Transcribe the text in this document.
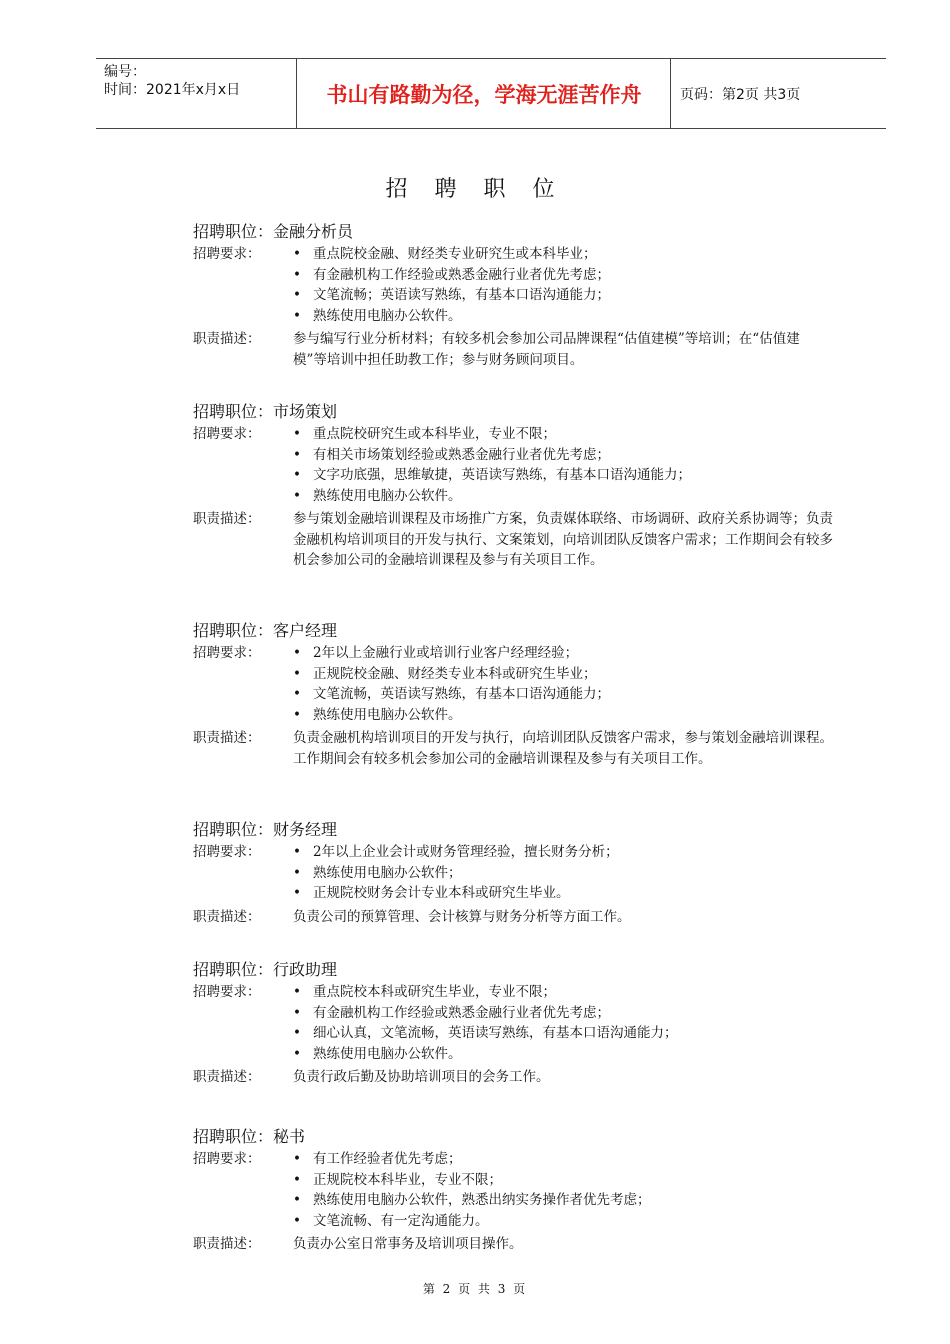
编号：
时间：2021年x月x日	书山有路勤为径，学海无涯苦作舟	页码：第2页 共3页
招 聘 职 位
招聘职位：金融分析员
招聘要求：	• 重点院校金融、财经类专业研究生或本科毕业；
• 有金融机构工作经验或熟悉金融行业者优先考虑；
• 文笔流畅；英语读写熟练，有基本口语沟通能力；
• 熟练使用电脑办公软件。
职责描述：	参与编写行业分析材料；有较多机会参加公司品牌课程“估值建模”等培训；在“估值建模”等培训中担任助教工作；参与财务顾问项目。
招聘职位：市场策划
招聘要求：	• 重点院校研究生或本科毕业，专业不限；
• 有相关市场策划经验或熟悉金融行业者优先考虑；
• 文字功底强，思维敏捷，英语读写熟练，有基本口语沟通能力；
• 熟练使用电脑办公软件。
职责描述：	参与策划金融培训课程及市场推广方案，负责媒体联络、市场调研、政府关系协调等；负责金融机构培训项目的开发与执行、文案策划，向培训团队反馈客户需求；工作期间会有较多机会参加公司的金融培训课程及参与有关项目工作。
招聘职位：客户经理
招聘要求：	• 2年以上金融行业或培训行业客户经理经验；
• 正规院校金融、财经类专业本科或研究生毕业；
• 文笔流畅，英语读写熟练，有基本口语沟通能力；
• 熟练使用电脑办公软件。
职责描述：	负责金融机构培训项目的开发与执行，向培训团队反馈客户需求，参与策划金融培训课程。工作期间会有较多机会参加公司的金融培训课程及参与有关项目工作。
招聘职位：财务经理
招聘要求：	• 2年以上企业会计或财务管理经验，擅长财务分析；
• 熟练使用电脑办公软件；
• 正规院校财务会计专业本科或研究生毕业。
职责描述：	负责公司的预算管理、会计核算与财务分析等方面工作。
招聘职位：行政助理
招聘要求：	• 重点院校本科或研究生毕业，专业不限；
• 有金融机构工作经验或熟悉金融行业者优先考虑；
• 细心认真，文笔流畅，英语读写熟练，有基本口语沟通能力；
• 熟练使用电脑办公软件。
职责描述：	负责行政后勤及协助培训项目的会务工作。
招聘职位：秘书
招聘要求：	• 有工作经验者优先考虑；
• 正规院校本科毕业，专业不限；
• 熟练使用电脑办公软件，熟悉出纳实务操作者优先考虑；
• 文笔流畅、有一定沟通能力。
职责描述：	负责办公室日常事务及培训项目操作。
第 2 页 共 3 页
